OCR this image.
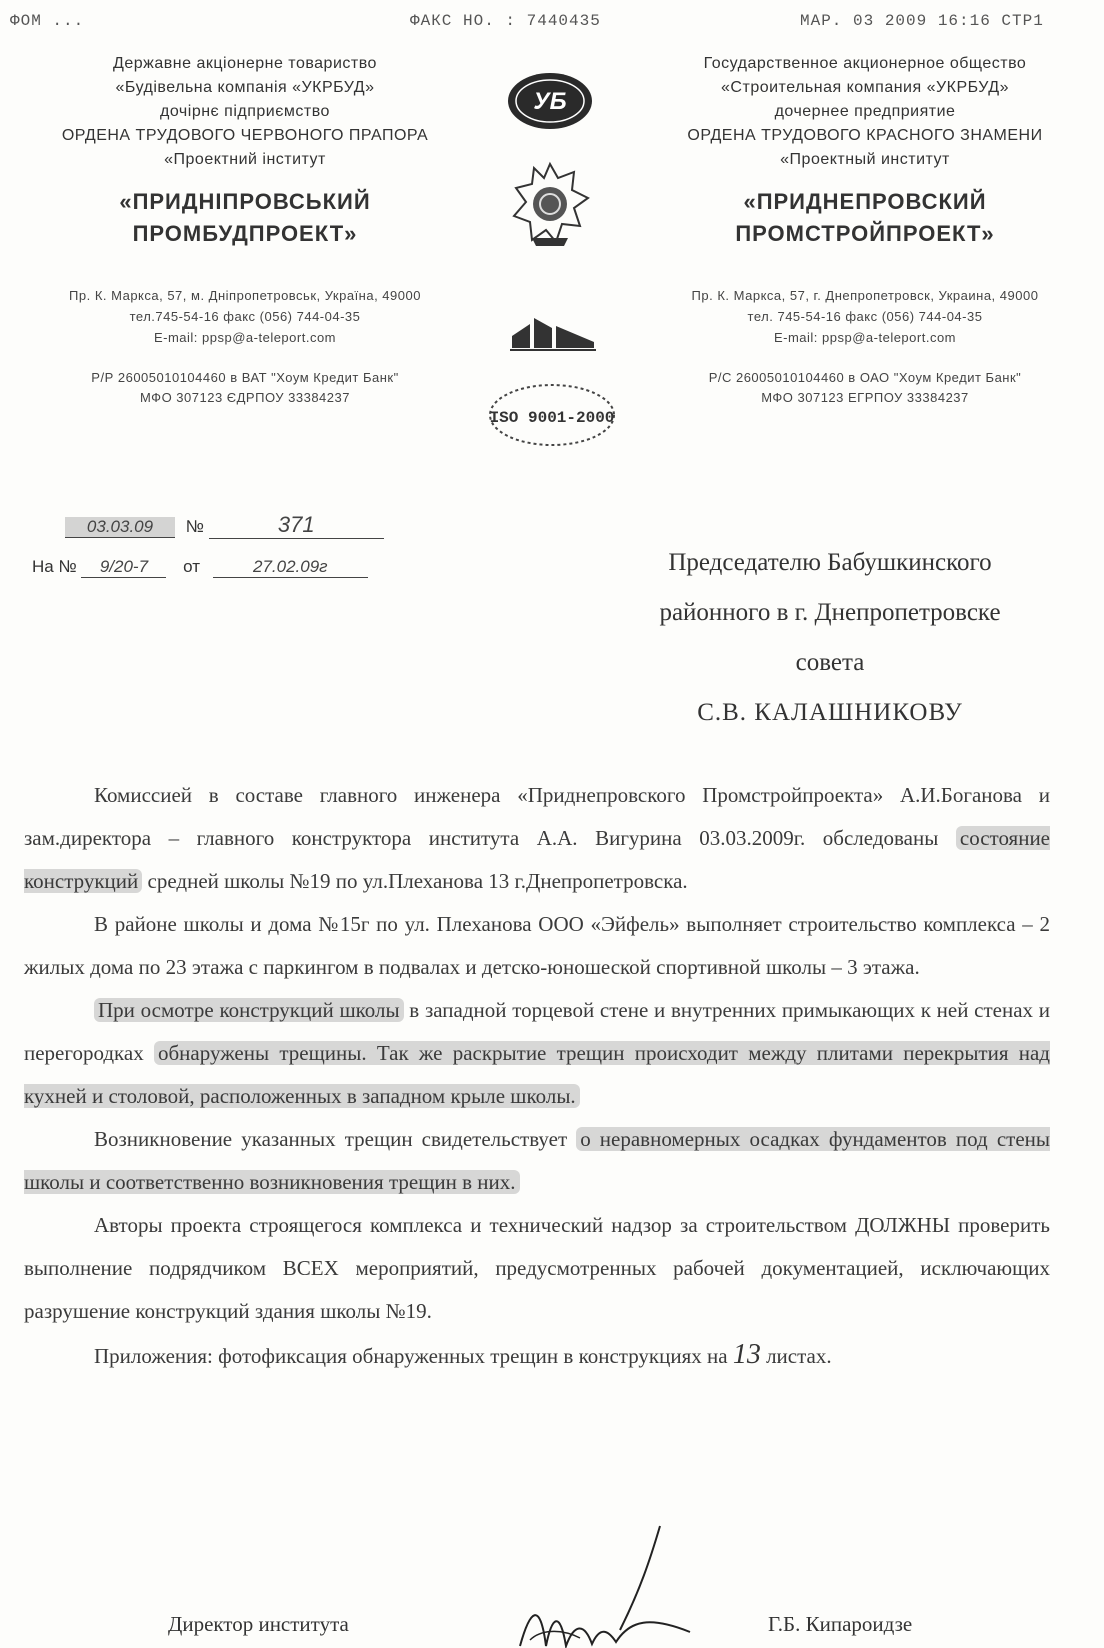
ФОМ ...	ФАКС НО. : 7440435	МАР. 03 2009 16:16 СТР1
Державне акціонерне товариство
«Будівельна компанія «УКРБУД»
дочірнє підприємство
ОРДЕНА ТРУДОВОГО ЧЕРВОНОГО ПРАПОРА
«Проектний інститут
«ПРИДНІПРОВСЬКИЙ
ПРОМБУДПРОЕКТ»
Пр. К. Маркса, 57, м. Дніпропетровськ, Україна, 49000
тел.745-54-16 факс (056) 744-04-35
E-mail: ppsp@a-teleport.com
Р/Р 26005010104460 в ВАТ "Хоум Кредит Банк"
МФО 307123 ЄДРПОУ 33384237
Государственное акционерное общество
«Строительная компания «УКРБУД»
дочернее предприятие
ОРДЕНА ТРУДОВОГО КРАСНОГО ЗНАМЕНИ
«Проектный институт
«ПРИДНЕПРОВСКИЙ
ПРОМСТРОЙПРОЕКТ»
Пр. К. Маркса, 57, г. Днепропетровск, Украина, 49000
тел. 745-54-16 факс (056) 744-04-35
E-mail: ppsp@a-teleport.com
Р/С 26005010104460 в ОАО "Хоум Кредит Банк"
МФО 307123 ЕГРПОУ 33384237
УБ
ISO 9001-2000
03.03.09 №	371
На № 9/20-7 от	27.02.09г	Председателю Бабушкинского
районного в г. Днепропетровске
совета
С.В. КАЛАШНИКОВУ

Комиссией в составе главного инженера «Приднепровского Промстройпроекта» А.И.Боганова и зам.директора – главного конструктора института А.А. Вигурина 03.03.2009г. обследованы состояние конструкций средней школы №19 по ул.Плеханова 13 г.Днепропетровска.

В районе школы и дома №15г по ул. Плеханова ООО «Эйфель» выполняет строительство комплекса – 2 жилых дома по 23 этажа с паркингом в подвалах и детско-юношеской спортивной школы – 3 этажа.

При осмотре конструкций школы в западной торцевой стене и внутренних примыкающих к ней стенах и перегородках обнаружены трещины. Так же раскрытие трещин происходит между плитами перекрытия над кухней и столовой, расположенных в западном крыле школы.

Возникновение указанных трещин свидетельствует о неравномерных осадках фундаментов под стены школы и соответственно возникновения трещин в них.

Авторы проекта строящегося комплекса и технический надзор за строительством ДОЛЖНЫ проверить выполнение подрядчиком ВСЕХ мероприятий, предусмотренных рабочей документацией, исключающих разрушение конструкций здания школы №19.

Приложения: фотофиксация обнаруженных трещин в конструкциях на 13 листах.

Директор института	Г.Б. Кипароидзе
